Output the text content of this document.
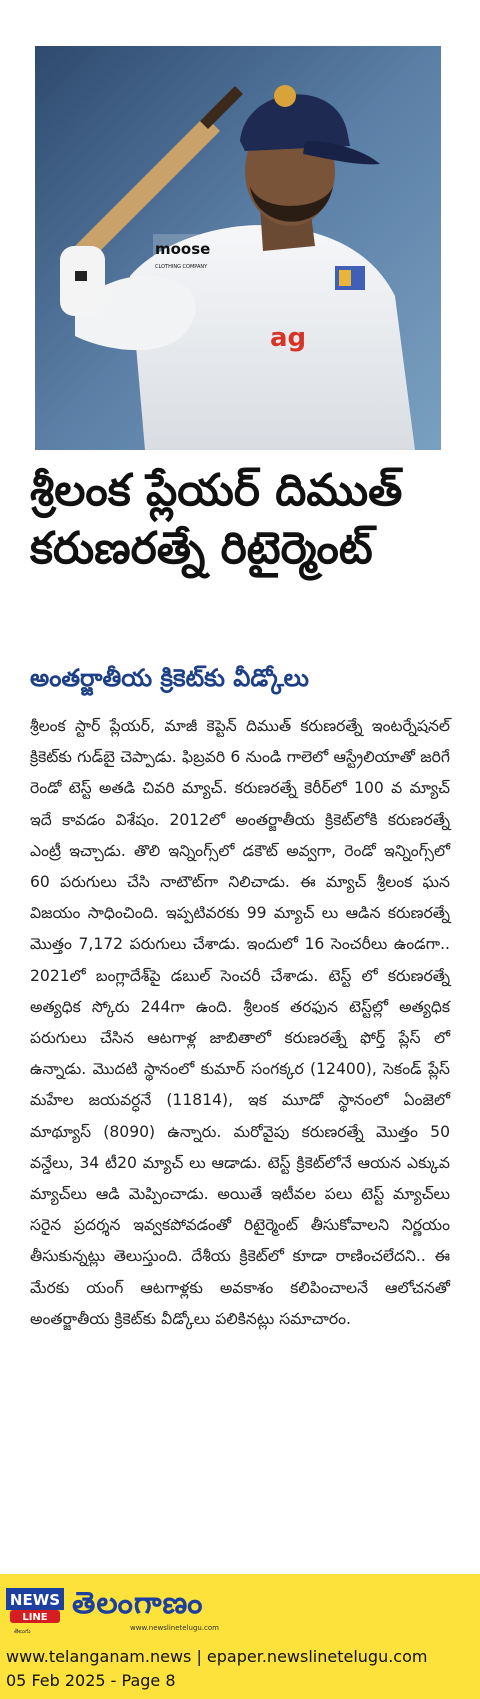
moose
CLOTHING COMPANY
ag
శ్రీలంక ప్లేయర్ దిముత్
కరుణరత్నే రిటైర్మెంట్
అంతర్జాతీయ క్రికెట్‌కు వీడ్కోలు

శ్రీలంక స్టార్ ప్లేయర్, మాజీ కెప్టెన్ దిముత్ కరుణరత్నే ఇంటర్నేషనల్ క్రికెట్‌కు గుడ్‌బై చెప్పాడు. ఫిబ్రవరి 6 నుండి గాలెలో ఆస్ట్రేలియాతో జరిగే రెండో టెస్ట్ అతడి చివరి మ్యాచ్. కరుణరత్నే కెరీర్‌లో 100 వ మ్యాచ్ ఇదే కావడం విశేషం. 2012లో అంతర్జాతీయ క్రికెట్‌లోకి కరుణరత్నే ఎంట్రీ ఇచ్చాడు. తొలి ఇన్నింగ్స్‌లో డకౌట్ అవ్వగా, రెండో ఇన్నింగ్స్‌లో 60 పరుగులు చేసి నాటౌట్‌గా నిలిచాడు. ఈ మ్యాచ్ శ్రీలంక ఘన విజయం సాధించింది. ఇప్పటివరకు 99 మ్యాచ్ లు ఆడిన కరుణరత్నే మొత్తం 7,172 పరుగులు చేశాడు. ఇందులో 16 సెంచరీలు ఉండగా.. 2021లో బంగ్లాదేశ్‌పై డబుల్ సెంచరీ చేశాడు. టెస్ట్ లో కరుణరత్నే అత్యధిక స్కోరు 244గా ఉంది. శ్రీలంక తరఫున టెస్ట్‌ల్లో అత్యధిక పరుగులు చేసిన ఆటగాళ్ల జాబితాలో కరుణరత్నే ఫోర్త్ ప్లేస్ లో ఉన్నాడు. మొదటి స్థానంలో కుమార్ సంగక్కర (12400), సెకండ్ ప్లేస్ మహేల జయవర్ధనే (11814), ఇక మూడో స్థానంలో ఏంజెలో మాథ్యూస్ (8090) ఉన్నారు. మరోవైపు కరుణరత్నే మొత్తం 50 వన్డేలు, 34 టీ20 మ్యాచ్ లు ఆడాడు. టెస్ట్ క్రికెట్‌లోనే ఆయన ఎక్కువ మ్యాచ్‌లు ఆడి మెప్పించాడు. అయితే ఇటీవల పలు టెస్ట్ మ్యాచ్‌లు సరైన ప్రదర్శన ఇవ్వకపోవడంతో రిటైర్మెంట్ తీసుకోవాలని నిర్ణయం తీసుకున్నట్లు తెలుస్తుంది. దేశీయ క్రికెట్‌లో కూడా రాణించలేదని.. ఈ మేరకు యంగ్ ఆటగాళ్లకు అవకాశం కలిపించాలనే ఆలోచనతో అంతర్జాతీయ క్రికెట్‌కు వీడ్కోలు పలికినట్లు సమాచారం.

NEWS
LINE
తెలుగు
తెలంగాణం
www.newslinetelugu.com
www.telanganam.news | epaper.newslinetelugu.com
05 Feb 2025 - Page 8
